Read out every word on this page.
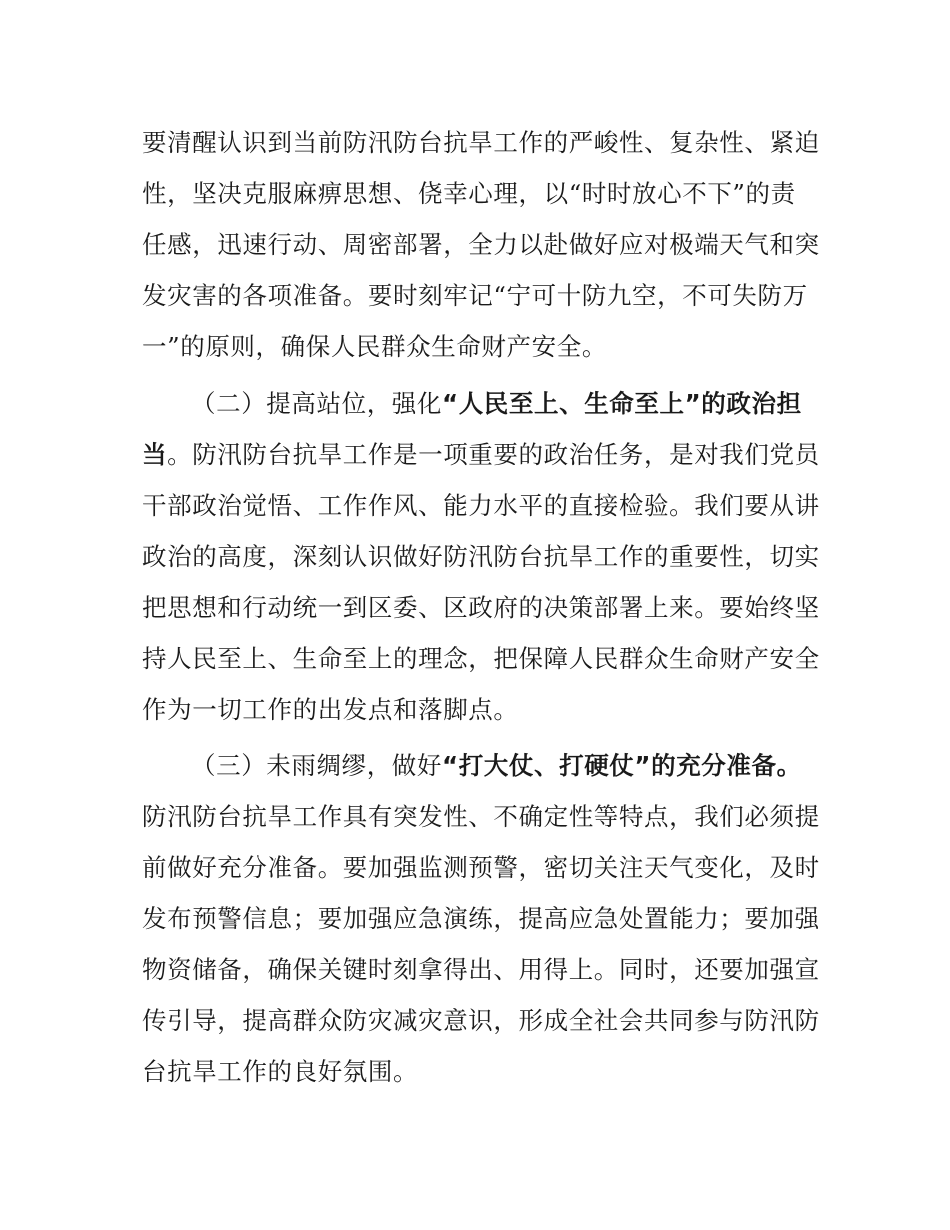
要清醒认识到当前防汛防台抗旱工作的严峻性、复杂性、紧迫
性，坚决克服麻痹思想、侥幸心理，以“时时放心不下”的责
任感，迅速行动、周密部署，全力以赴做好应对极端天气和突
发灾害的各项准备。要时刻牢记“宁可十防九空，不可失防万
一”的原则，确保人民群众生命财产安全。
（二）提高站位，强化“人民至上、生命至上”的政治担
当。防汛防台抗旱工作是一项重要的政治任务，是对我们党员
干部政治觉悟、工作作风、能力水平的直接检验。我们要从讲
政治的高度，深刻认识做好防汛防台抗旱工作的重要性，切实
把思想和行动统一到区委、区政府的决策部署上来。要始终坚
持人民至上、生命至上的理念，把保障人民群众生命财产安全
作为一切工作的出发点和落脚点。
（三）未雨绸缪，做好“打大仗、打硬仗”的充分准备。
防汛防台抗旱工作具有突发性、不确定性等特点，我们必须提
前做好充分准备。要加强监测预警，密切关注天气变化，及时
发布预警信息；要加强应急演练，提高应急处置能力；要加强
物资储备，确保关键时刻拿得出、用得上。同时，还要加强宣
传引导，提高群众防灾减灾意识，形成全社会共同参与防汛防
台抗旱工作的良好氛围。
